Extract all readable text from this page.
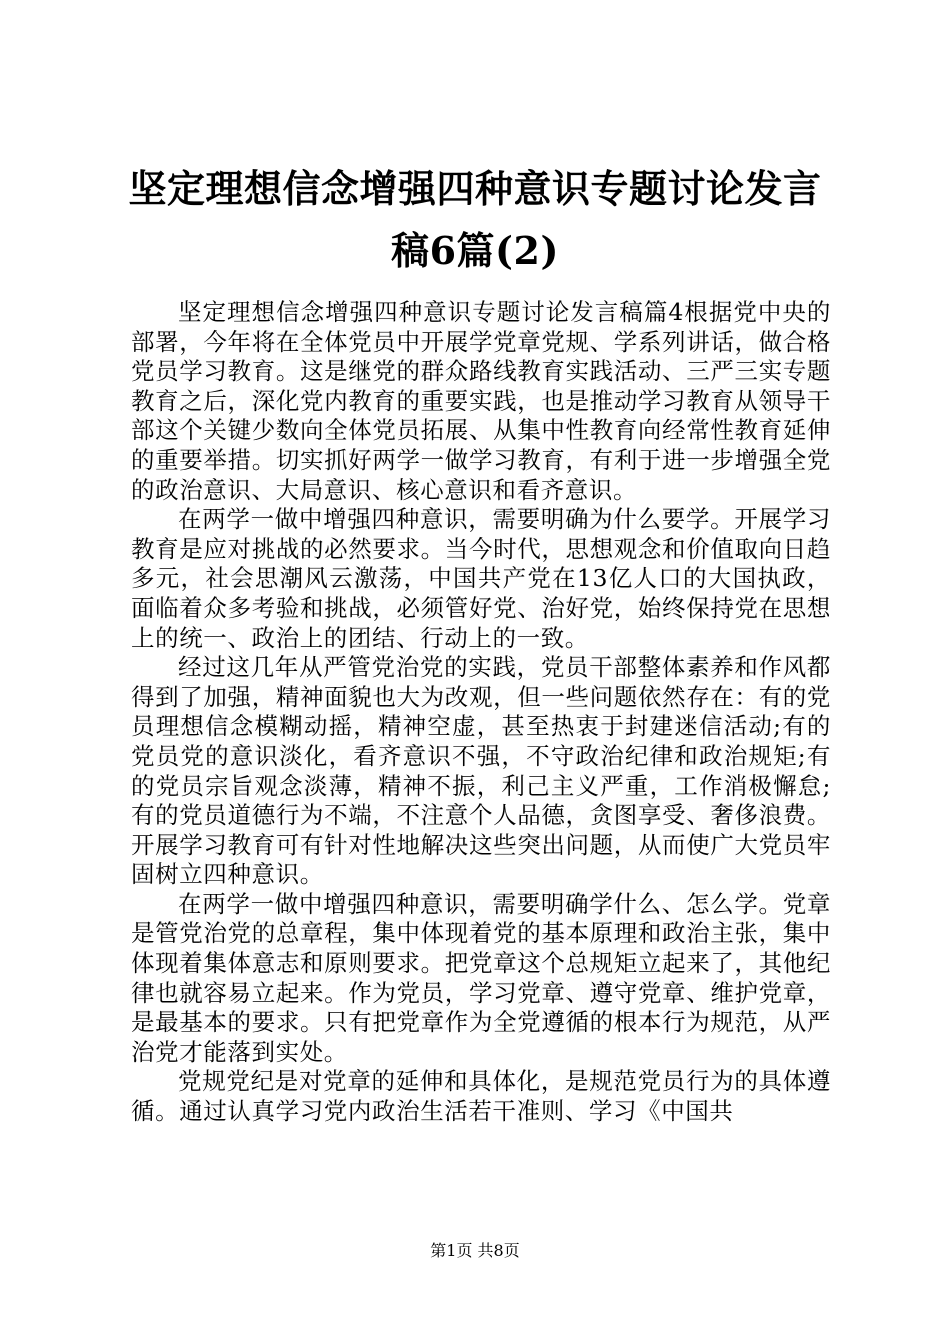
坚定理想信念增强四种意识专题讨论发言稿6篇(2)

坚定理想信念增强四种意识专题讨论发言稿篇4根据党中央的部署，今年将在全体党员中开展学党章党规、学系列讲话，做合格党员学习教育。这是继党的群众路线教育实践活动、三严三实专题教育之后，深化党内教育的重要实践，也是推动学习教育从领导干部这个关键少数向全体党员拓展、从集中性教育向经常性教育延伸的重要举措。切实抓好两学一做学习教育，有利于进一步增强全党的政治意识、大局意识、核心意识和看齐意识。

在两学一做中增强四种意识，需要明确为什么要学。开展学习教育是应对挑战的必然要求。当今时代，思想观念和价值取向日趋多元，社会思潮风云激荡，中国共产党在13亿人口的大国执政，面临着众多考验和挑战，必须管好党、治好党，始终保持党在思想上的统一、政治上的团结、行动上的一致。

经过这几年从严管党治党的实践，党员干部整体素养和作风都得到了加强，精神面貌也大为改观，但一些问题依然存在：有的党员理想信念模糊动摇，精神空虚，甚至热衷于封建迷信活动;有的党员党的意识淡化，看齐意识不强，不守政治纪律和政治规矩;有的党员宗旨观念淡薄，精神不振，利己主义严重，工作消极懈怠;有的党员道德行为不端，不注意个人品德，贪图享受、奢侈浪费。开展学习教育可有针对性地解决这些突出问题，从而使广大党员牢固树立四种意识。

在两学一做中增强四种意识，需要明确学什么、怎么学。党章是管党治党的总章程，集中体现着党的基本原理和政治主张，集中体现着集体意志和原则要求。把党章这个总规矩立起来了，其他纪律也就容易立起来。作为党员，学习党章、遵守党章、维护党章，是最基本的要求。只有把党章作为全党遵循的根本行为规范，从严治党才能落到实处。

党规党纪是对党章的延伸和具体化，是规范党员行为的具体遵循。通过认真学习党内政治生活若干准则、学习《中国共

第1页 共8页
